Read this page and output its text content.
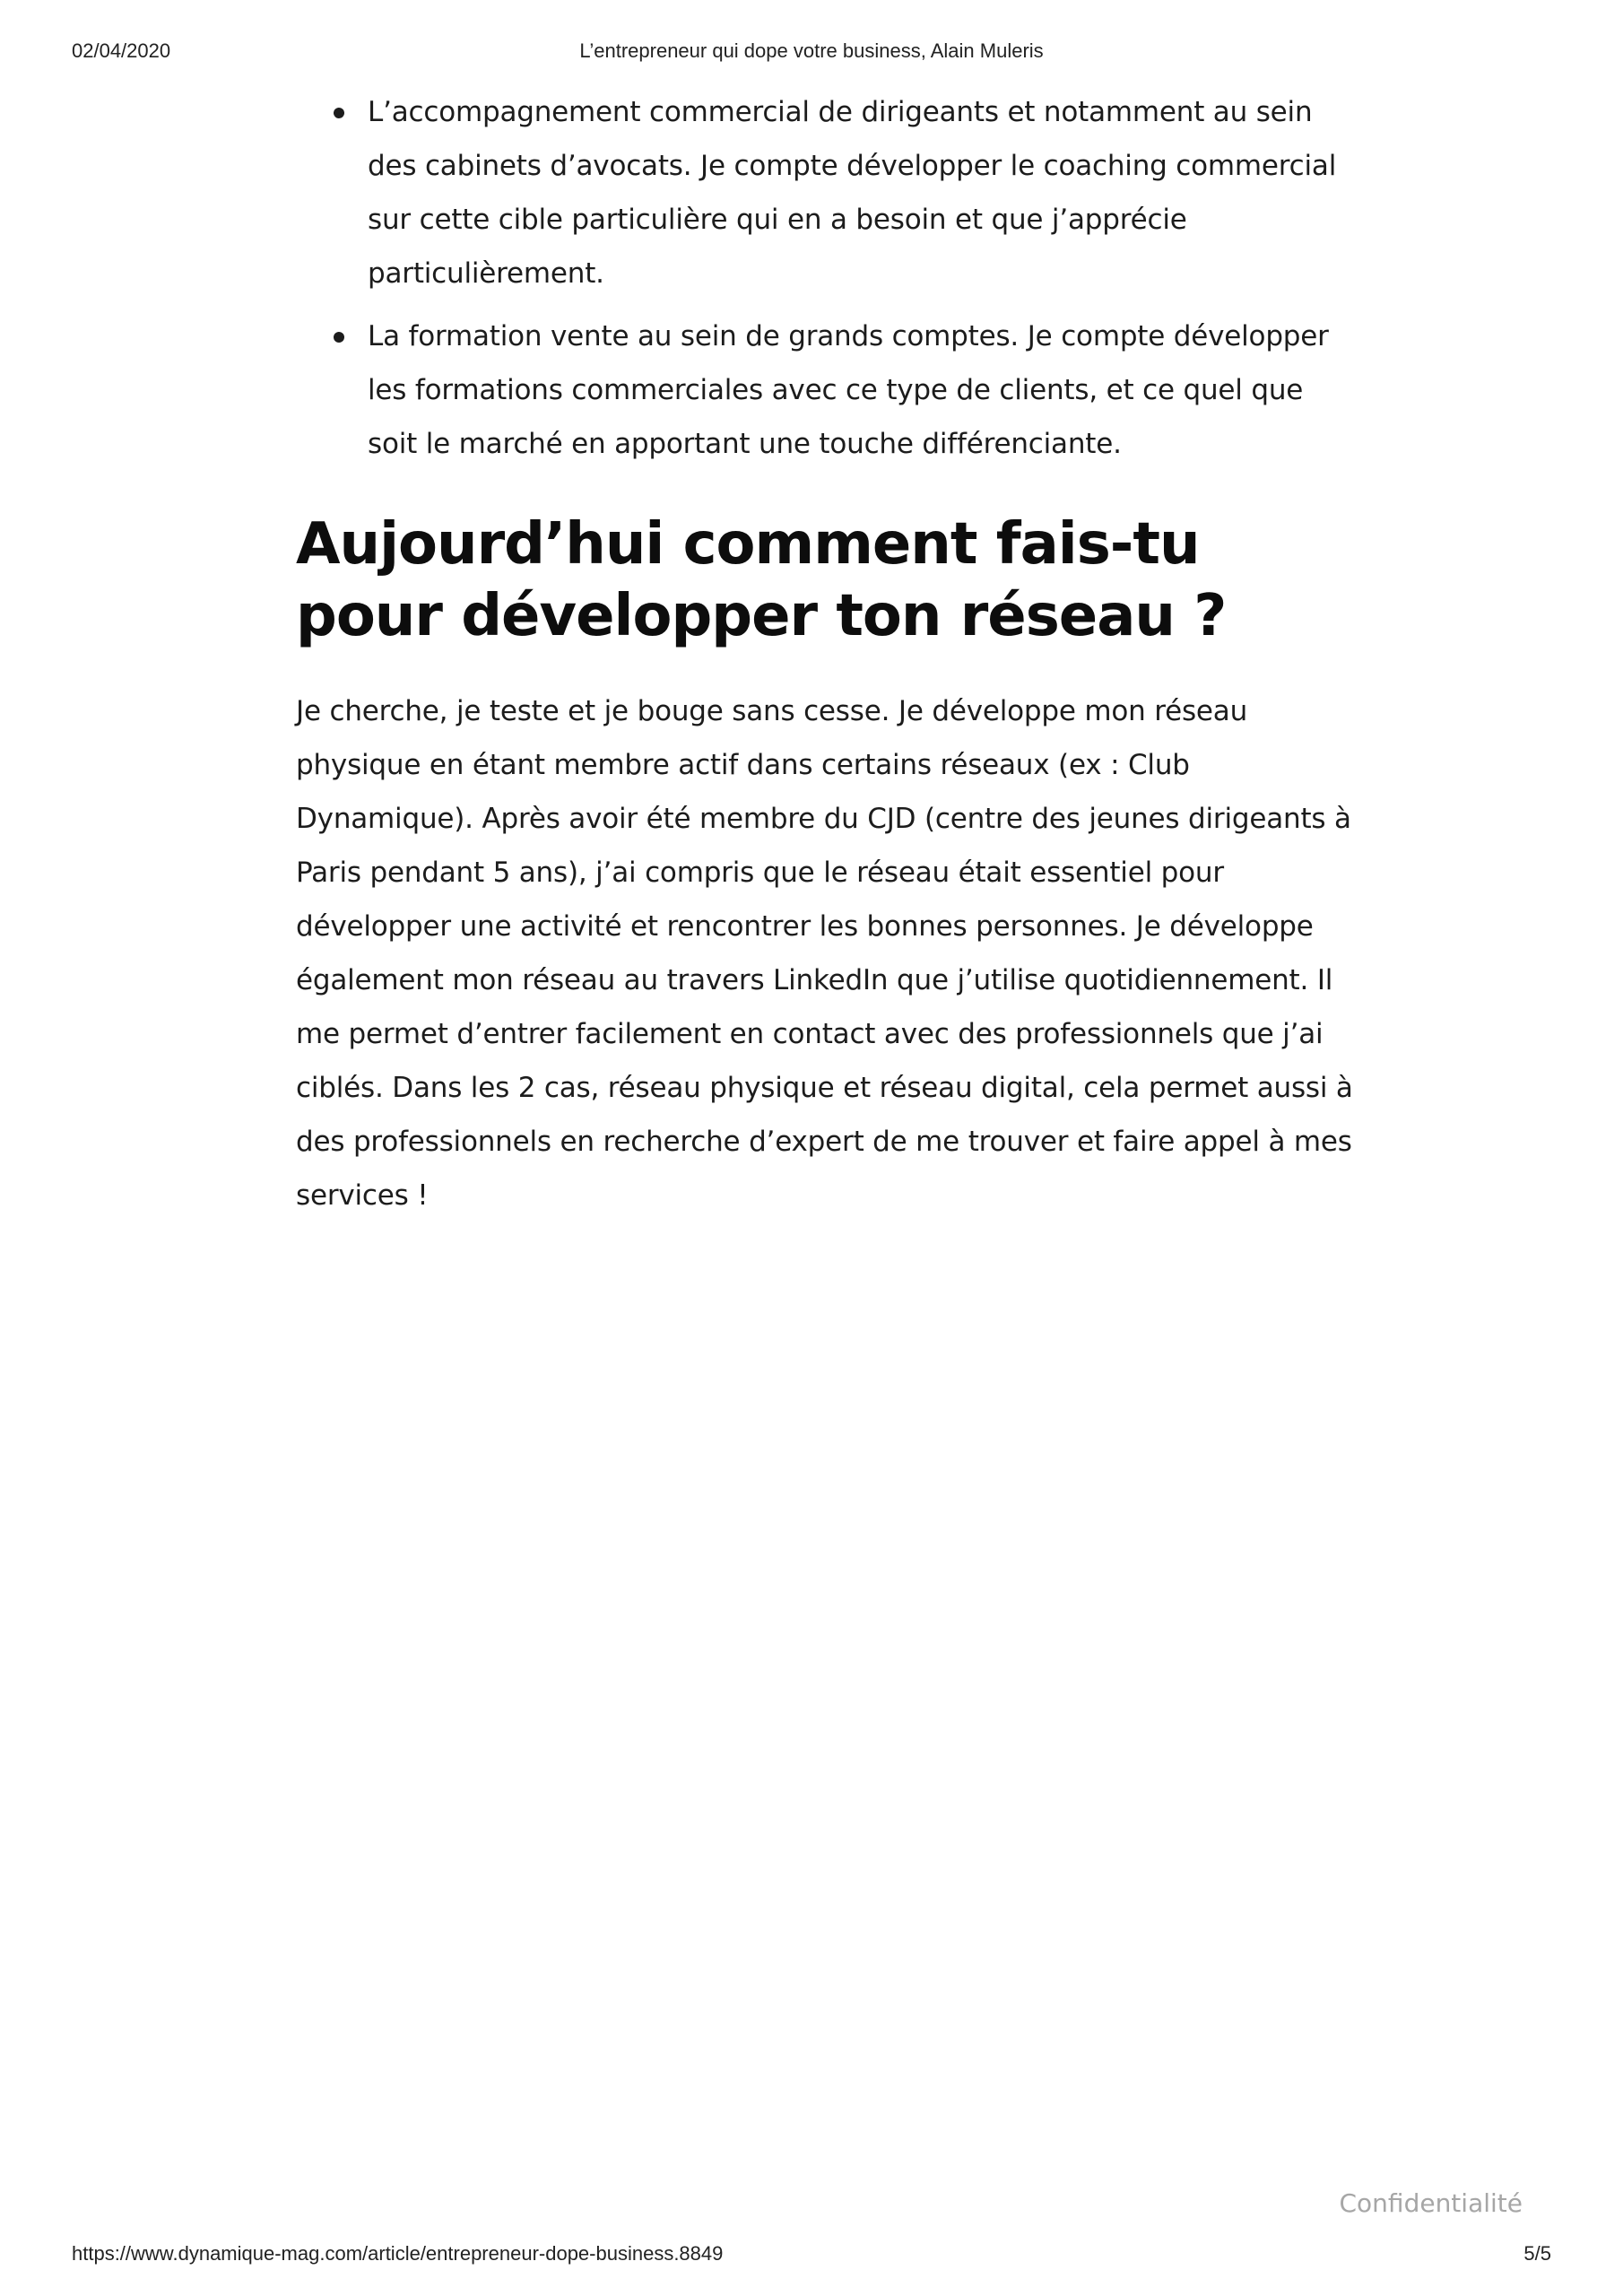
02/04/2020	L’entrepreneur qui dope votre business, Alain Muleris
L’accompagnement commercial de dirigeants et notamment au sein des cabinets d’avocats. Je compte développer le coaching commercial sur cette cible particulière qui en a besoin et que j’apprécie particulièrement.
La formation vente au sein de grands comptes. Je compte développer les formations commerciales avec ce type de clients, et ce quel que soit le marché en apportant une touche différenciante.
Aujourd’hui comment fais-tu pour développer ton réseau ?

Je cherche, je teste et je bouge sans cesse. Je développe mon réseau physique en étant membre actif dans certains réseaux (ex : Club Dynamique). Après avoir été membre du CJD (centre des jeunes dirigeants à Paris pendant 5 ans), j’ai compris que le réseau était essentiel pour développer une activité et rencontrer les bonnes personnes. Je développe également mon réseau au travers LinkedIn que j’utilise quotidiennement. Il me permet d’entrer facilement en contact avec des professionnels que j’ai ciblés. Dans les 2 cas, réseau physique et réseau digital, cela permet aussi à des professionnels en recherche d’expert de me trouver et faire appel à mes services !

Confidentialité
https://www.dynamique-mag.com/article/entrepreneur-dope-business.8849	5/5
